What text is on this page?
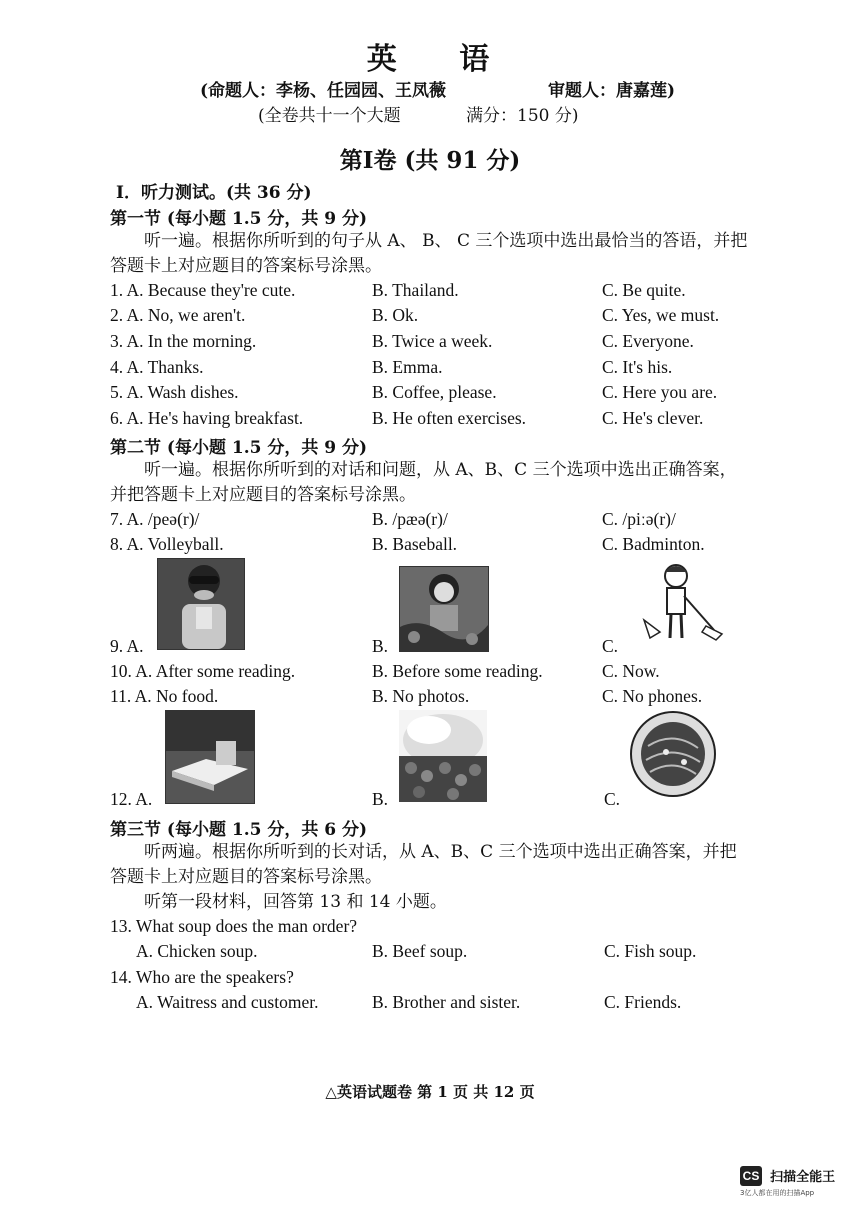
英 语
(命题人：李杨、任园园、王凤薇	审题人：唐嘉莲)
(全卷共十一个大题	满分：150 分)
第Ⅰ卷 (共 91 分)
I．听力测试。(共 36 分)
第一节 (每小题 1.5 分，共 9 分)
听一遍。根据你所听到的句子从 A、 B、 C 三个选项中选出最恰当的答语，并把答题卡上对应题目的答案标号涂黑。
1. A. Because they're cute.	B. Thailand.	C. Be quite.
2. A. No, we aren't.	B. Ok.	C. Yes, we must.
3. A. In the morning.	B. Twice a week.	C. Everyone.
4. A. Thanks.	B. Emma.	C. It's his.
5. A. Wash dishes.	B. Coffee, please.	C. Here you are.
6. A. He's having breakfast.	B. He often exercises.	C. He's clever.
第二节 (每小题 1.5 分，共 9 分)
听一遍。根据你所听到的对话和问题，从 A、B、C 三个选项中选出正确答案，并把答题卡上对应题目的答案标号涂黑。
7. A. /peə(r)/	B. /pæə(r)/	C. /piːə(r)/
8. A. Volleyball.	B. Baseball.	C. Badminton.
9. A.	B.	C.
10. A. After some reading.	B. Before some reading.	C. Now.
11. A. No food.	B. No photos.	C. No phones.
12. A.	B.	C.
第三节 (每小题 1.5 分，共 6 分)
听两遍。根据你所听到的长对话，从 A、B、C 三个选项中选出正确答案，并把答题卡上对应题目的答案标号涂黑。
听第一段材料，回答第 13 和 14 小题。
13. What soup does the man order?
A. Chicken soup.	B. Beef soup.	C. Fish soup.
14. Who are the speakers?
A. Waitress and customer.	B. Brother and sister.	C. Friends.
△英语试题卷 第 1 页 共 12 页
CS 扫描全能王
3亿人都在用的扫描App
